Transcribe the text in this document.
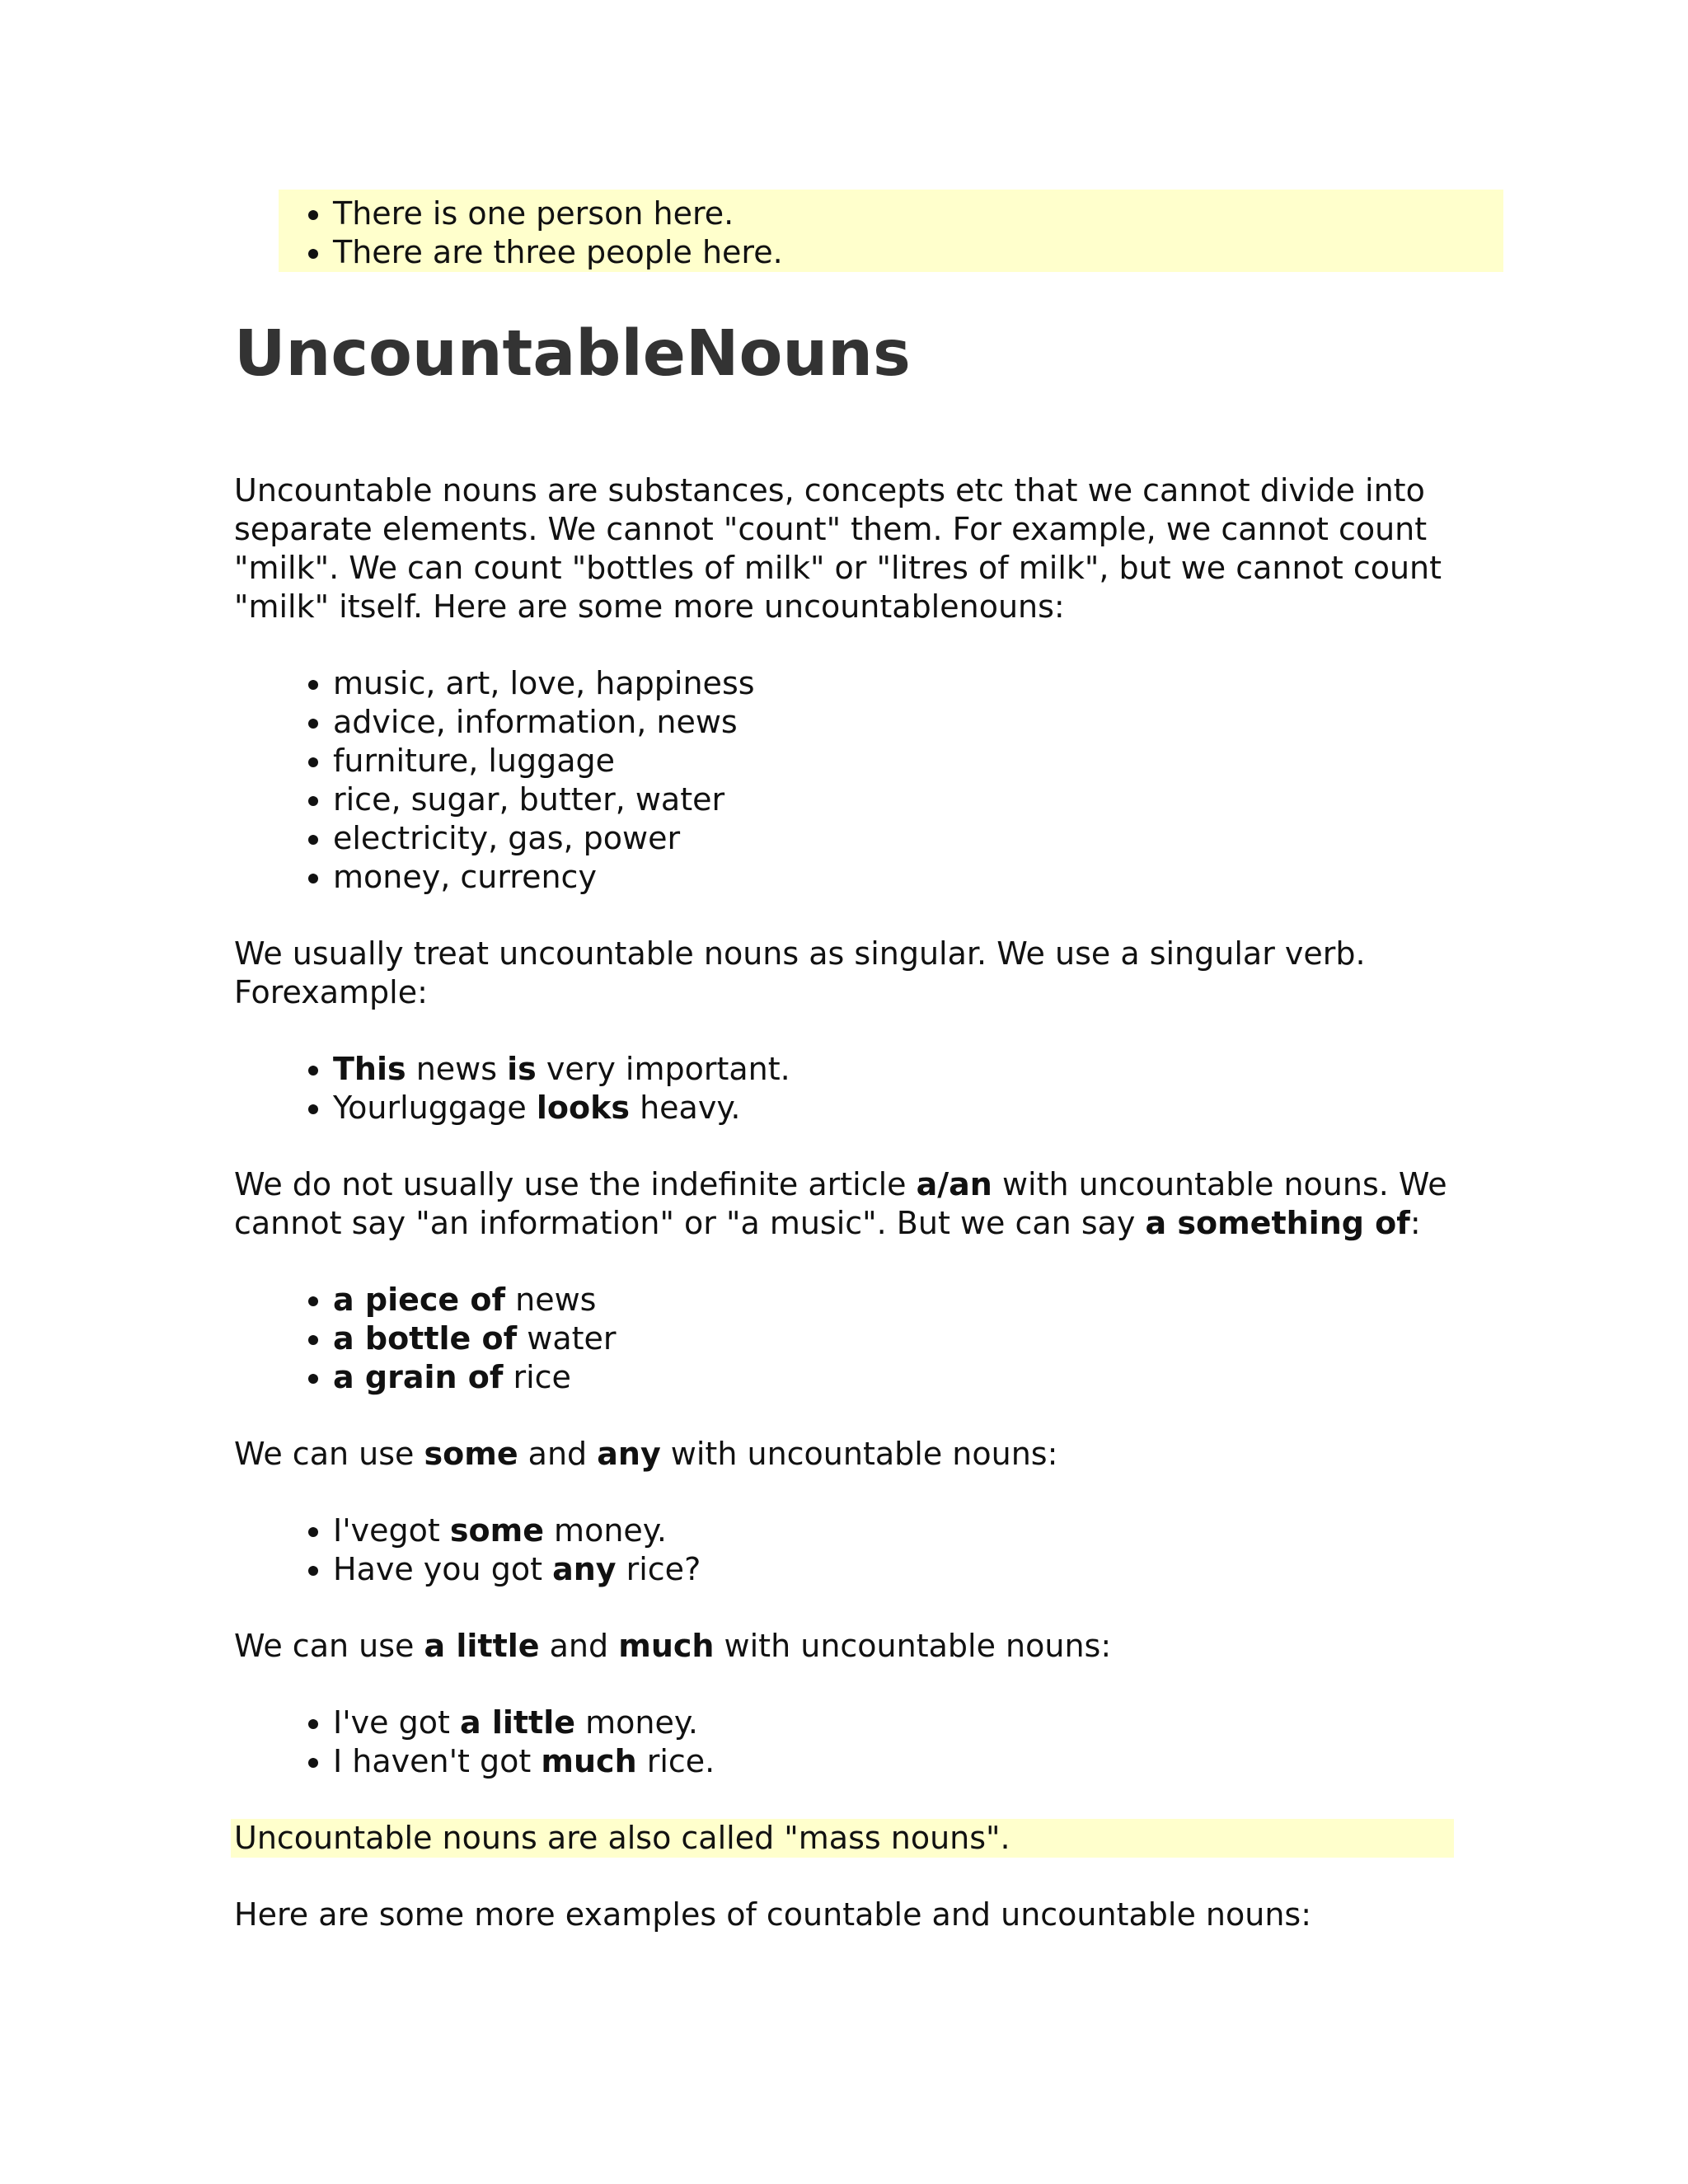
• There is one person here.
• There are three people here.
UncountableNouns

Uncountable nouns are substances, concepts etc that we cannot divide into separate elements. We cannot "count" them. For example, we cannot count "milk". We can count "bottles of milk" or "litres of milk", but we cannot count "milk" itself. Here are some more uncountablenouns:

• music, art, love, happiness
• advice, information, news
• furniture, luggage
• rice, sugar, butter, water
• electricity, gas, power
• money, currency

We usually treat uncountable nouns as singular. We use a singular verb. Forexample:

• This news is very important.
• Yourluggage looks heavy.

We do not usually use the indefinite article a/an with uncountable nouns. We cannot say "an information" or "a music". But we can say a something of:

• a piece of news
• a bottle of water
• a grain of rice

We can use some and any with uncountable nouns:

• I'vegot some money.
• Have you got any rice?

We can use a little and much with uncountable nouns:

• I've got a little money.
• I haven't got much rice.

Uncountable nouns are also called "mass nouns".

Here are some more examples of countable and uncountable nouns:
